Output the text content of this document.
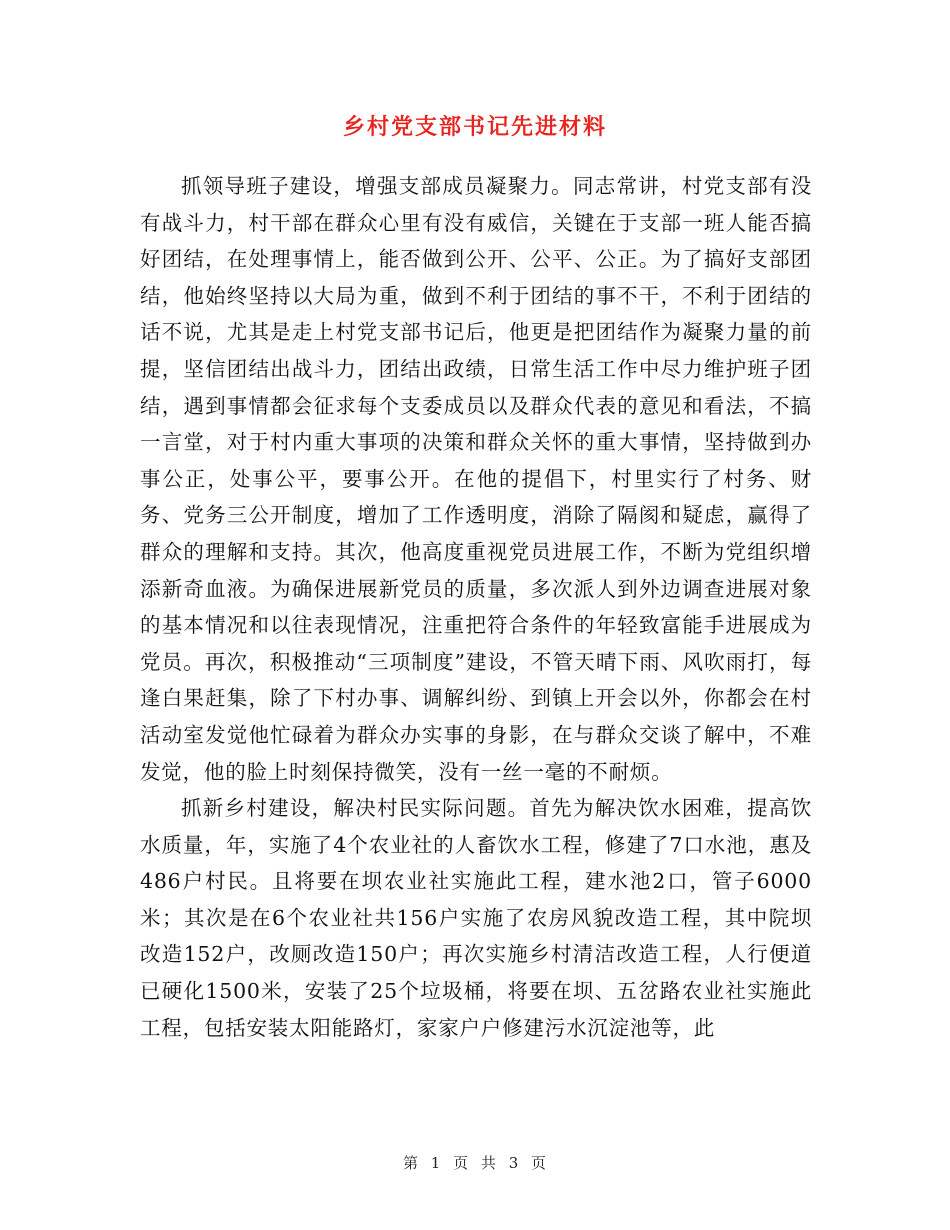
乡村党支部书记先进材料

抓领导班子建设，增强支部成员凝聚力。同志常讲，村党支部有没有战斗力，村干部在群众心里有没有威信，关键在于支部一班人能否搞好团结，在处理事情上，能否做到公开、公平、公正。为了搞好支部团结，他始终坚持以大局为重，做到不利于团结的事不干，不利于团结的话不说，尤其是走上村党支部书记后，他更是把团结作为凝聚力量的前提，坚信团结出战斗力，团结出政绩，日常生活工作中尽力维护班子团结，遇到事情都会征求每个支委成员以及群众代表的意见和看法，不搞一言堂，对于村内重大事项的决策和群众关怀的重大事情，坚持做到办事公正，处事公平，要事公开。在他的提倡下，村里实行了村务、财务、党务三公开制度，增加了工作透明度，消除了隔阂和疑虑，赢得了群众的理解和支持。其次，他高度重视党员进展工作，不断为党组织增添新奇血液。为确保进展新党员的质量，多次派人到外边调查进展对象的基本情况和以往表现情况，注重把符合条件的年轻致富能手进展成为党员。再次，积极推动“三项制度”建设，不管天晴下雨、风吹雨打，每逢白果赶集，除了下村办事、调解纠纷、到镇上开会以外，你都会在村活动室发觉他忙碌着为群众办实事的身影，在与群众交谈了解中，不难发觉，他的脸上时刻保持微笑，没有一丝一毫的不耐烦。

抓新乡村建设，解决村民实际问题。首先为解决饮水困难，提高饮水质量，年，实施了4个农业社的人畜饮水工程，修建了7口水池，惠及486户村民。且将要在坝农业社实施此工程，建水池2口，管子6000米；其次是在6个农业社共156户实施了农房风貌改造工程，其中院坝改造152户，改厕改造150户；再次实施乡村清洁改造工程，人行便道已硬化1500米，安装了25个垃圾桶，将要在坝、五岔路农业社实施此工程，包括安装太阳能路灯，家家户户修建污水沉淀池等，此

第 1 页 共 3 页
